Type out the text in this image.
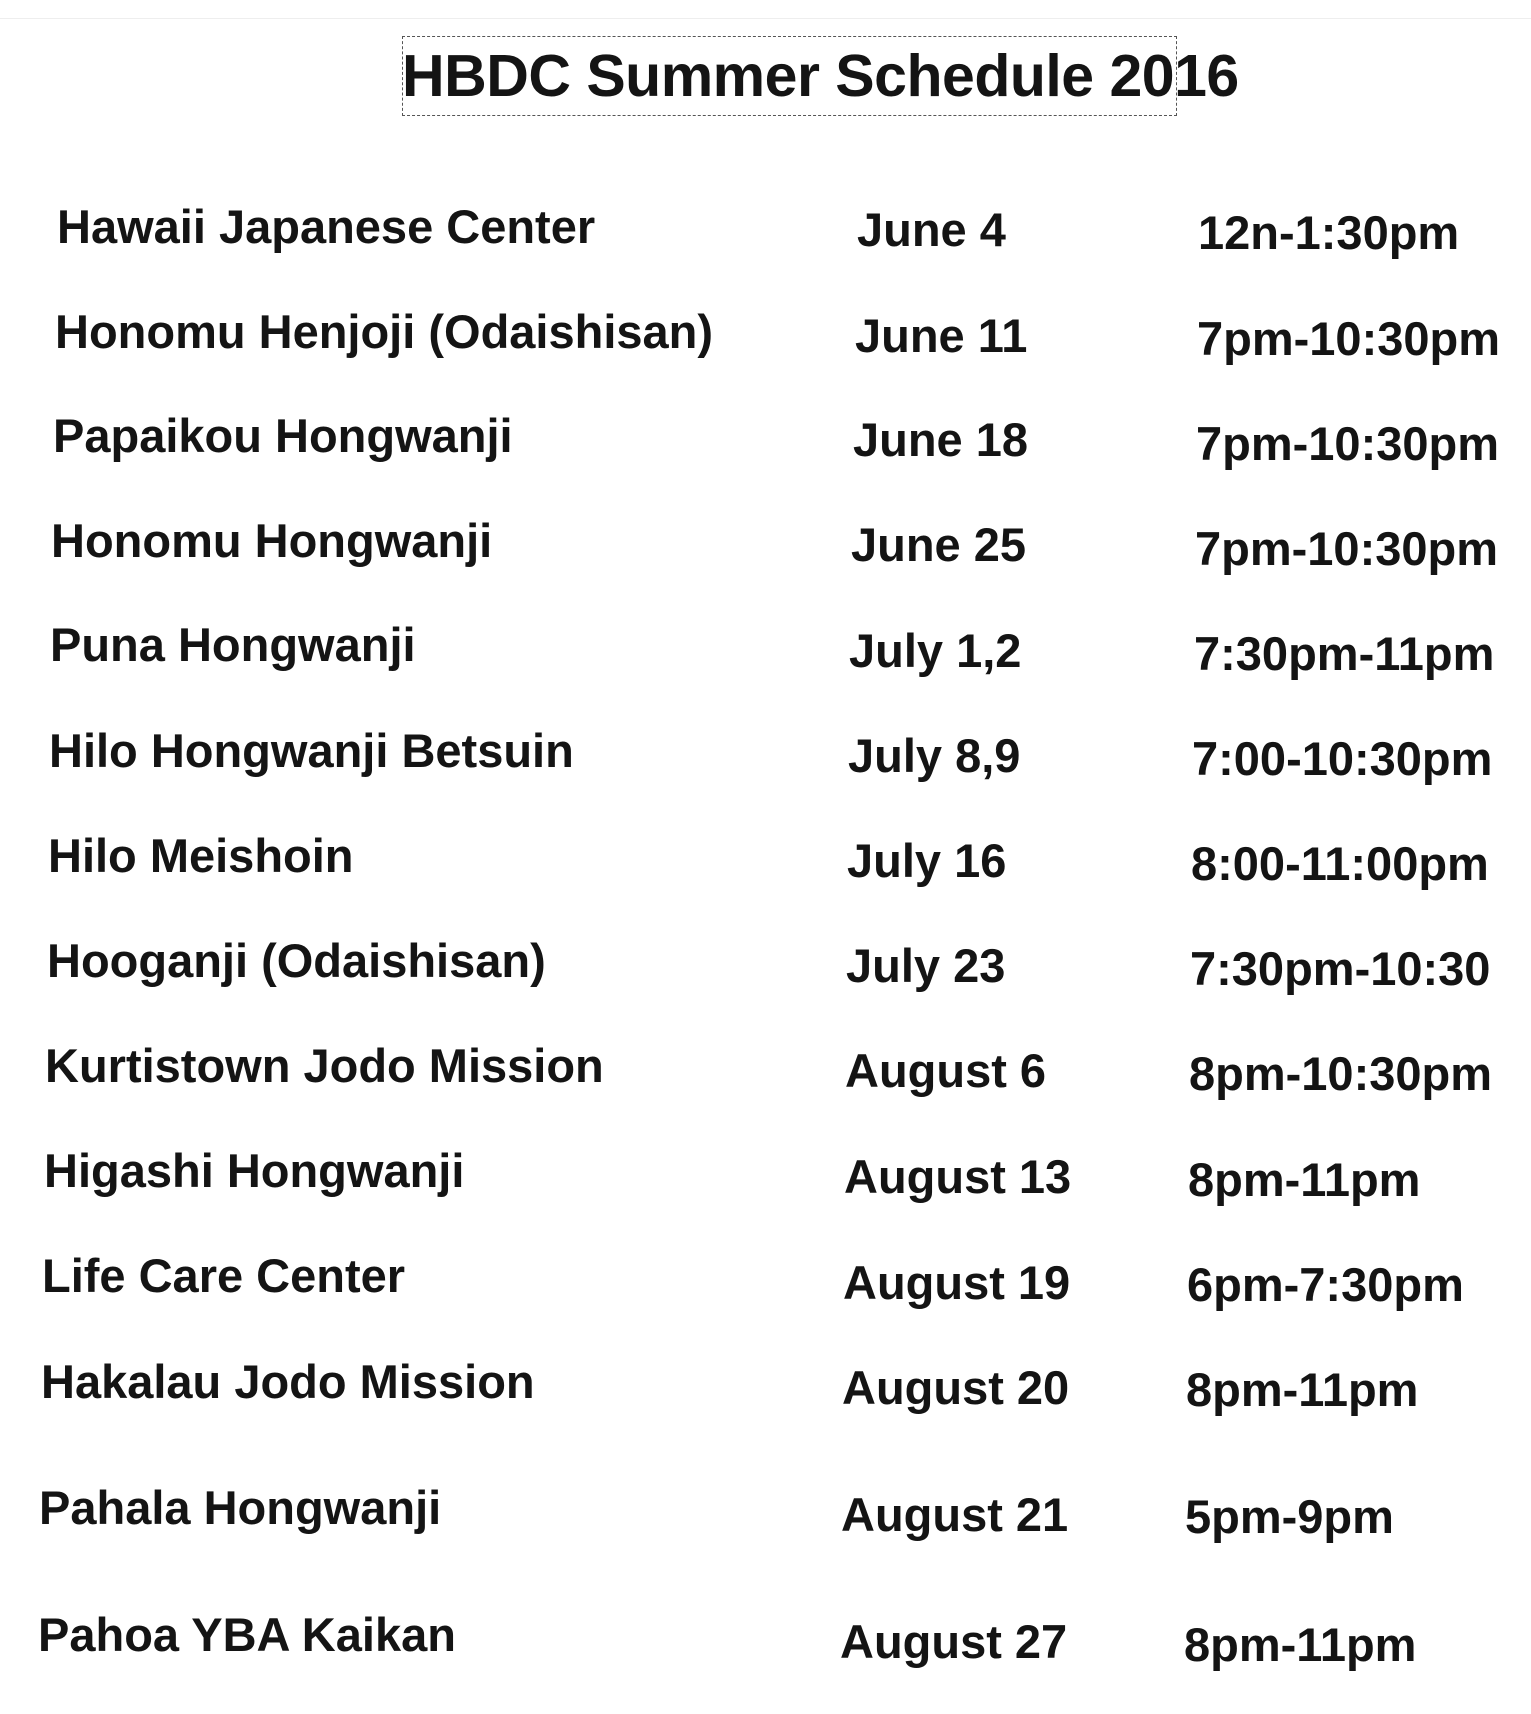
HBDC Summer Schedule 2016
Hawaii Japanese Center	June 4	12n-1:30pm
Honomu Henjoji (Odaishisan)	June 11	7pm-10:30pm
Papaikou Hongwanji	June 18	7pm-10:30pm
Honomu Hongwanji	June 25	7pm-10:30pm
Puna Hongwanji	July 1,2	7:30pm-11pm
Hilo Hongwanji Betsuin	July 8,9	7:00-10:30pm
Hilo Meishoin	July 16	8:00-11:00pm
Hooganji (Odaishisan)	July 23	7:30pm-10:30
Kurtistown Jodo Mission	August 6	8pm-10:30pm
Higashi Hongwanji	August 13 8pm-11pm
Life Care Center	August 19 6pm-7:30pm
Hakalau Jodo Mission	August 20 8pm-11pm
Pahala Hongwanji	August 21 5pm-9pm
Pahoa YBA Kaikan	August 27 8pm-11pm
